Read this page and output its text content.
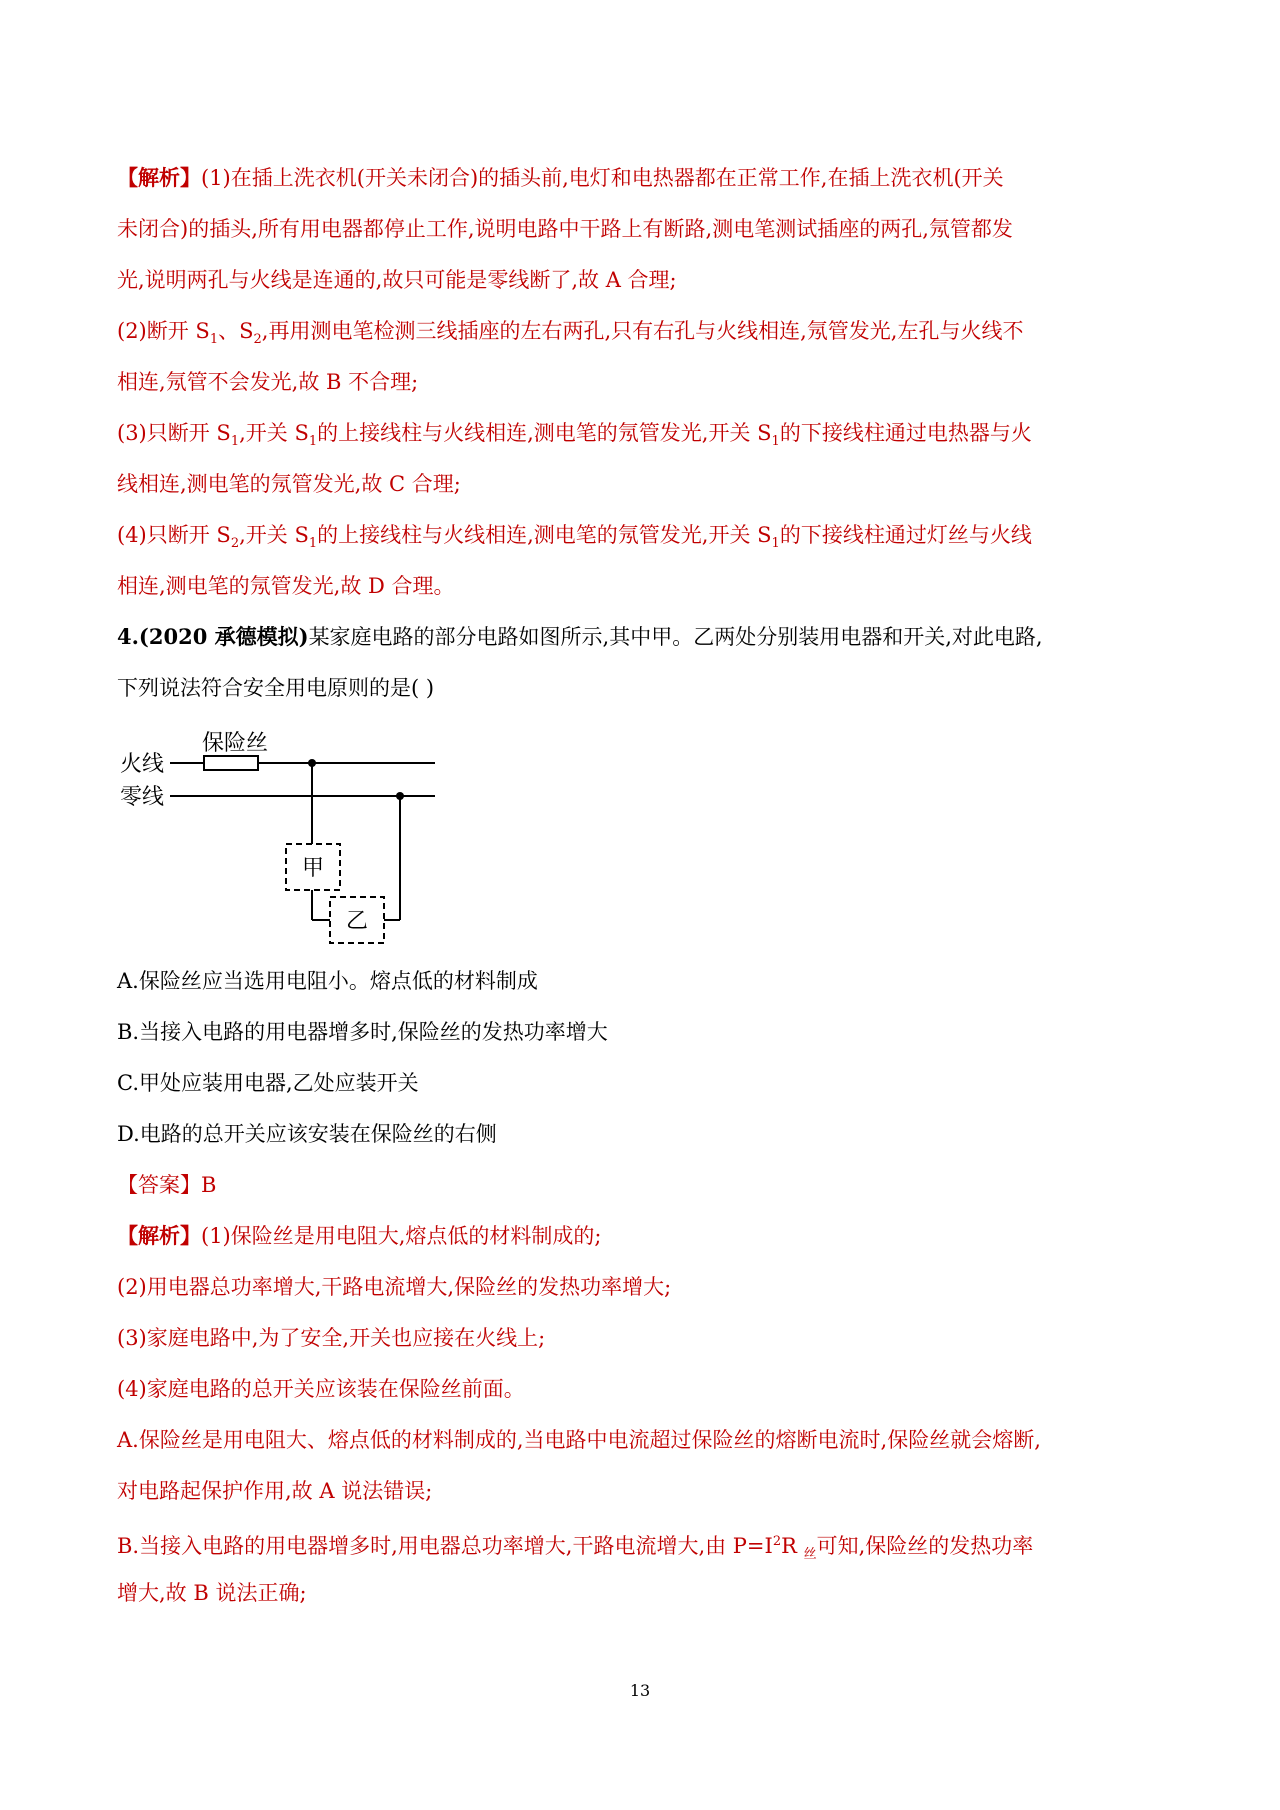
【解析】(1)在插上洗衣机(开关未闭合)的插头前,电灯和电热器都在正常工作,在插上洗衣机(开关
未闭合)的插头,所有用电器都停止工作,说明电路中干路上有断路,测电笔测试插座的两孔,氖管都发
光,说明两孔与火线是连通的,故只可能是零线断了,故 A 合理;
(2)断开 $S_1$、$S_2$,再用测电笔检测三线插座的左右两孔,只有右孔与火线相连,氖管发光,左孔与火线不
相连,氖管不会发光,故 B 不合理;
(3)只断开 $S_1$,开关 $S_1$的上接线柱与火线相连,测电笔的氖管发光,开关 $S_1$的下接线柱通过电热器与火
线相连,测电笔的氖管发光,故 C 合理;
(4)只断开 $S_2$,开关 $S_1$的上接线柱与火线相连,测电笔的氖管发光,开关 $S_1$的下接线柱通过灯丝与火线
相连,测电笔的氖管发光,故 D 合理。
4.(2020 承德模拟)某家庭电路的部分电路如图所示,其中甲。乙两处分别装用电器和开关,对此电路,
下列说法符合安全用电原则的是( )
保险丝
火线
零线
甲
乙
A.保险丝应当选用电阻小。熔点低的材料制成
B.当接入电路的用电器增多时,保险丝的发热功率增大
C.甲处应装用电器,乙处应装开关
D.电路的总开关应该安装在保险丝的右侧
【答案】B
【解析】(1)保险丝是用电阻大,熔点低的材料制成的;
(2)用电器总功率增大,干路电流增大,保险丝的发热功率增大;
(3)家庭电路中,为了安全,开关也应接在火线上;
(4)家庭电路的总开关应该装在保险丝前面。
A.保险丝是用电阻大、熔点低的材料制成的,当电路中电流超过保险丝的熔断电流时,保险丝就会熔断,
对电路起保护作用,故 A 说法错误;
B.当接入电路的用电器增多时,用电器总功率增大,干路电流增大,由 $P=I^2R$ $_丝$可知,保险丝的发热功率
增大,故 B 说法正确;
13
